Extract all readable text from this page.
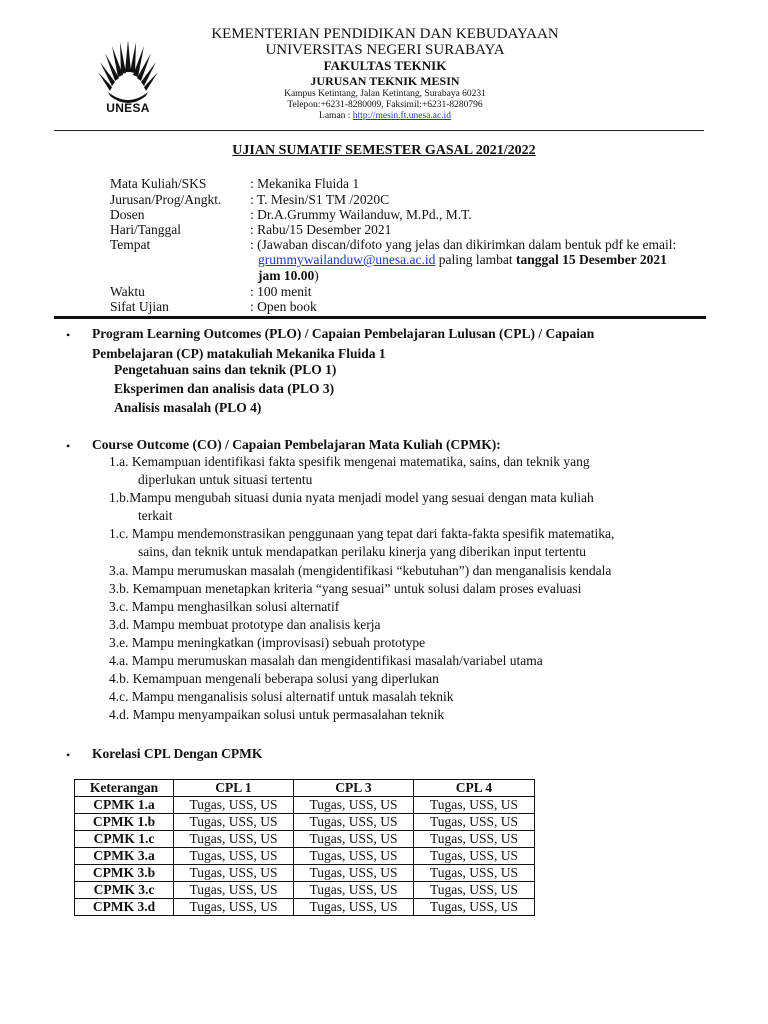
UNESA
KEMENTERIAN PENDIDIKAN DAN KEBUDAYAAN
UNIVERSITAS NEGERI SURABAYA
FAKULTAS TEKNIK
JURUSAN TEKNIK MESIN
Kampus Ketintang, Jalan Ketintang, Surabaya 60231
Telepon:+6231-8280009, Faksimil:+6231-8280796
Laman : http://mesin.ft.unesa.ac.id
UJIAN SUMATIF SEMESTER GASAL 2021/2022
Mata Kuliah/SKS	: Mekanika Fluida 1
Jurusan/Prog/Angkt.	: T. Mesin/S1 TM /2020C
Dosen	: Dr.A.Grummy Wailanduw, M.Pd., M.T.
Hari/Tanggal	: Rabu/15 Desember 2021
Tempat	: (Jawaban discan/difoto yang jelas dan dikirimkan dalam bentuk pdf ke email:
grummywailanduw@unesa.ac.id paling lambat tanggal 15 Desember 2021
jam 10.00)
Waktu	: 100 menit
Sifat Ujian	: Open book
• Program Learning Outcomes (PLO) / Capaian Pembelajaran Lulusan (CPL) / Capaian
Pembelajaran (CP) matakuliah Mekanika Fluida 1
Pengetahuan sains dan teknik (PLO 1)
Eksperimen dan analisis data (PLO 3)
Analisis masalah (PLO 4)
• Course Outcome (CO) / Capaian Pembelajaran Mata Kuliah (CPMK):
1.a. Kemampuan identifikasi fakta spesifik mengenai matematika, sains, dan teknik yang
diperlukan untuk situasi tertentu
1.b.Mampu mengubah situasi dunia nyata menjadi model yang sesuai dengan mata kuliah
terkait
1.c. Mampu mendemonstrasikan penggunaan yang tepat dari fakta-fakta spesifik matematika,
sains, dan teknik untuk mendapatkan perilaku kinerja yang diberikan input tertentu
3.a. Mampu merumuskan masalah (mengidentifikasi “kebutuhan”) dan menganalisis kendala
3.b. Kemampuan menetapkan kriteria “yang sesuai” untuk solusi dalam proses evaluasi
3.c. Mampu menghasilkan solusi alternatif
3.d. Mampu membuat prototype dan analisis kerja
3.e. Mampu meningkatkan (improvisasi) sebuah prototype
4.a. Mampu merumuskan masalah dan mengidentifikasi masalah/variabel utama
4.b. Kemampuan mengenali beberapa solusi yang diperlukan
4.c. Mampu menganalisis solusi alternatif untuk masalah teknik
4.d. Mampu menyampaikan solusi untuk permasalahan teknik
• Korelasi CPL Dengan CPMK
Keterangan	CPL 1	CPL 3	CPL 4
CPMK 1.a	Tugas, USS, US	Tugas, USS, US	Tugas, USS, US
CPMK 1.b	Tugas, USS, US	Tugas, USS, US	Tugas, USS, US
CPMK 1.c	Tugas, USS, US	Tugas, USS, US	Tugas, USS, US
CPMK 3.a	Tugas, USS, US	Tugas, USS, US	Tugas, USS, US
CPMK 3.b	Tugas, USS, US	Tugas, USS, US	Tugas, USS, US
CPMK 3.c	Tugas, USS, US	Tugas, USS, US	Tugas, USS, US
CPMK 3.d	Tugas, USS, US	Tugas, USS, US	Tugas, USS, US
